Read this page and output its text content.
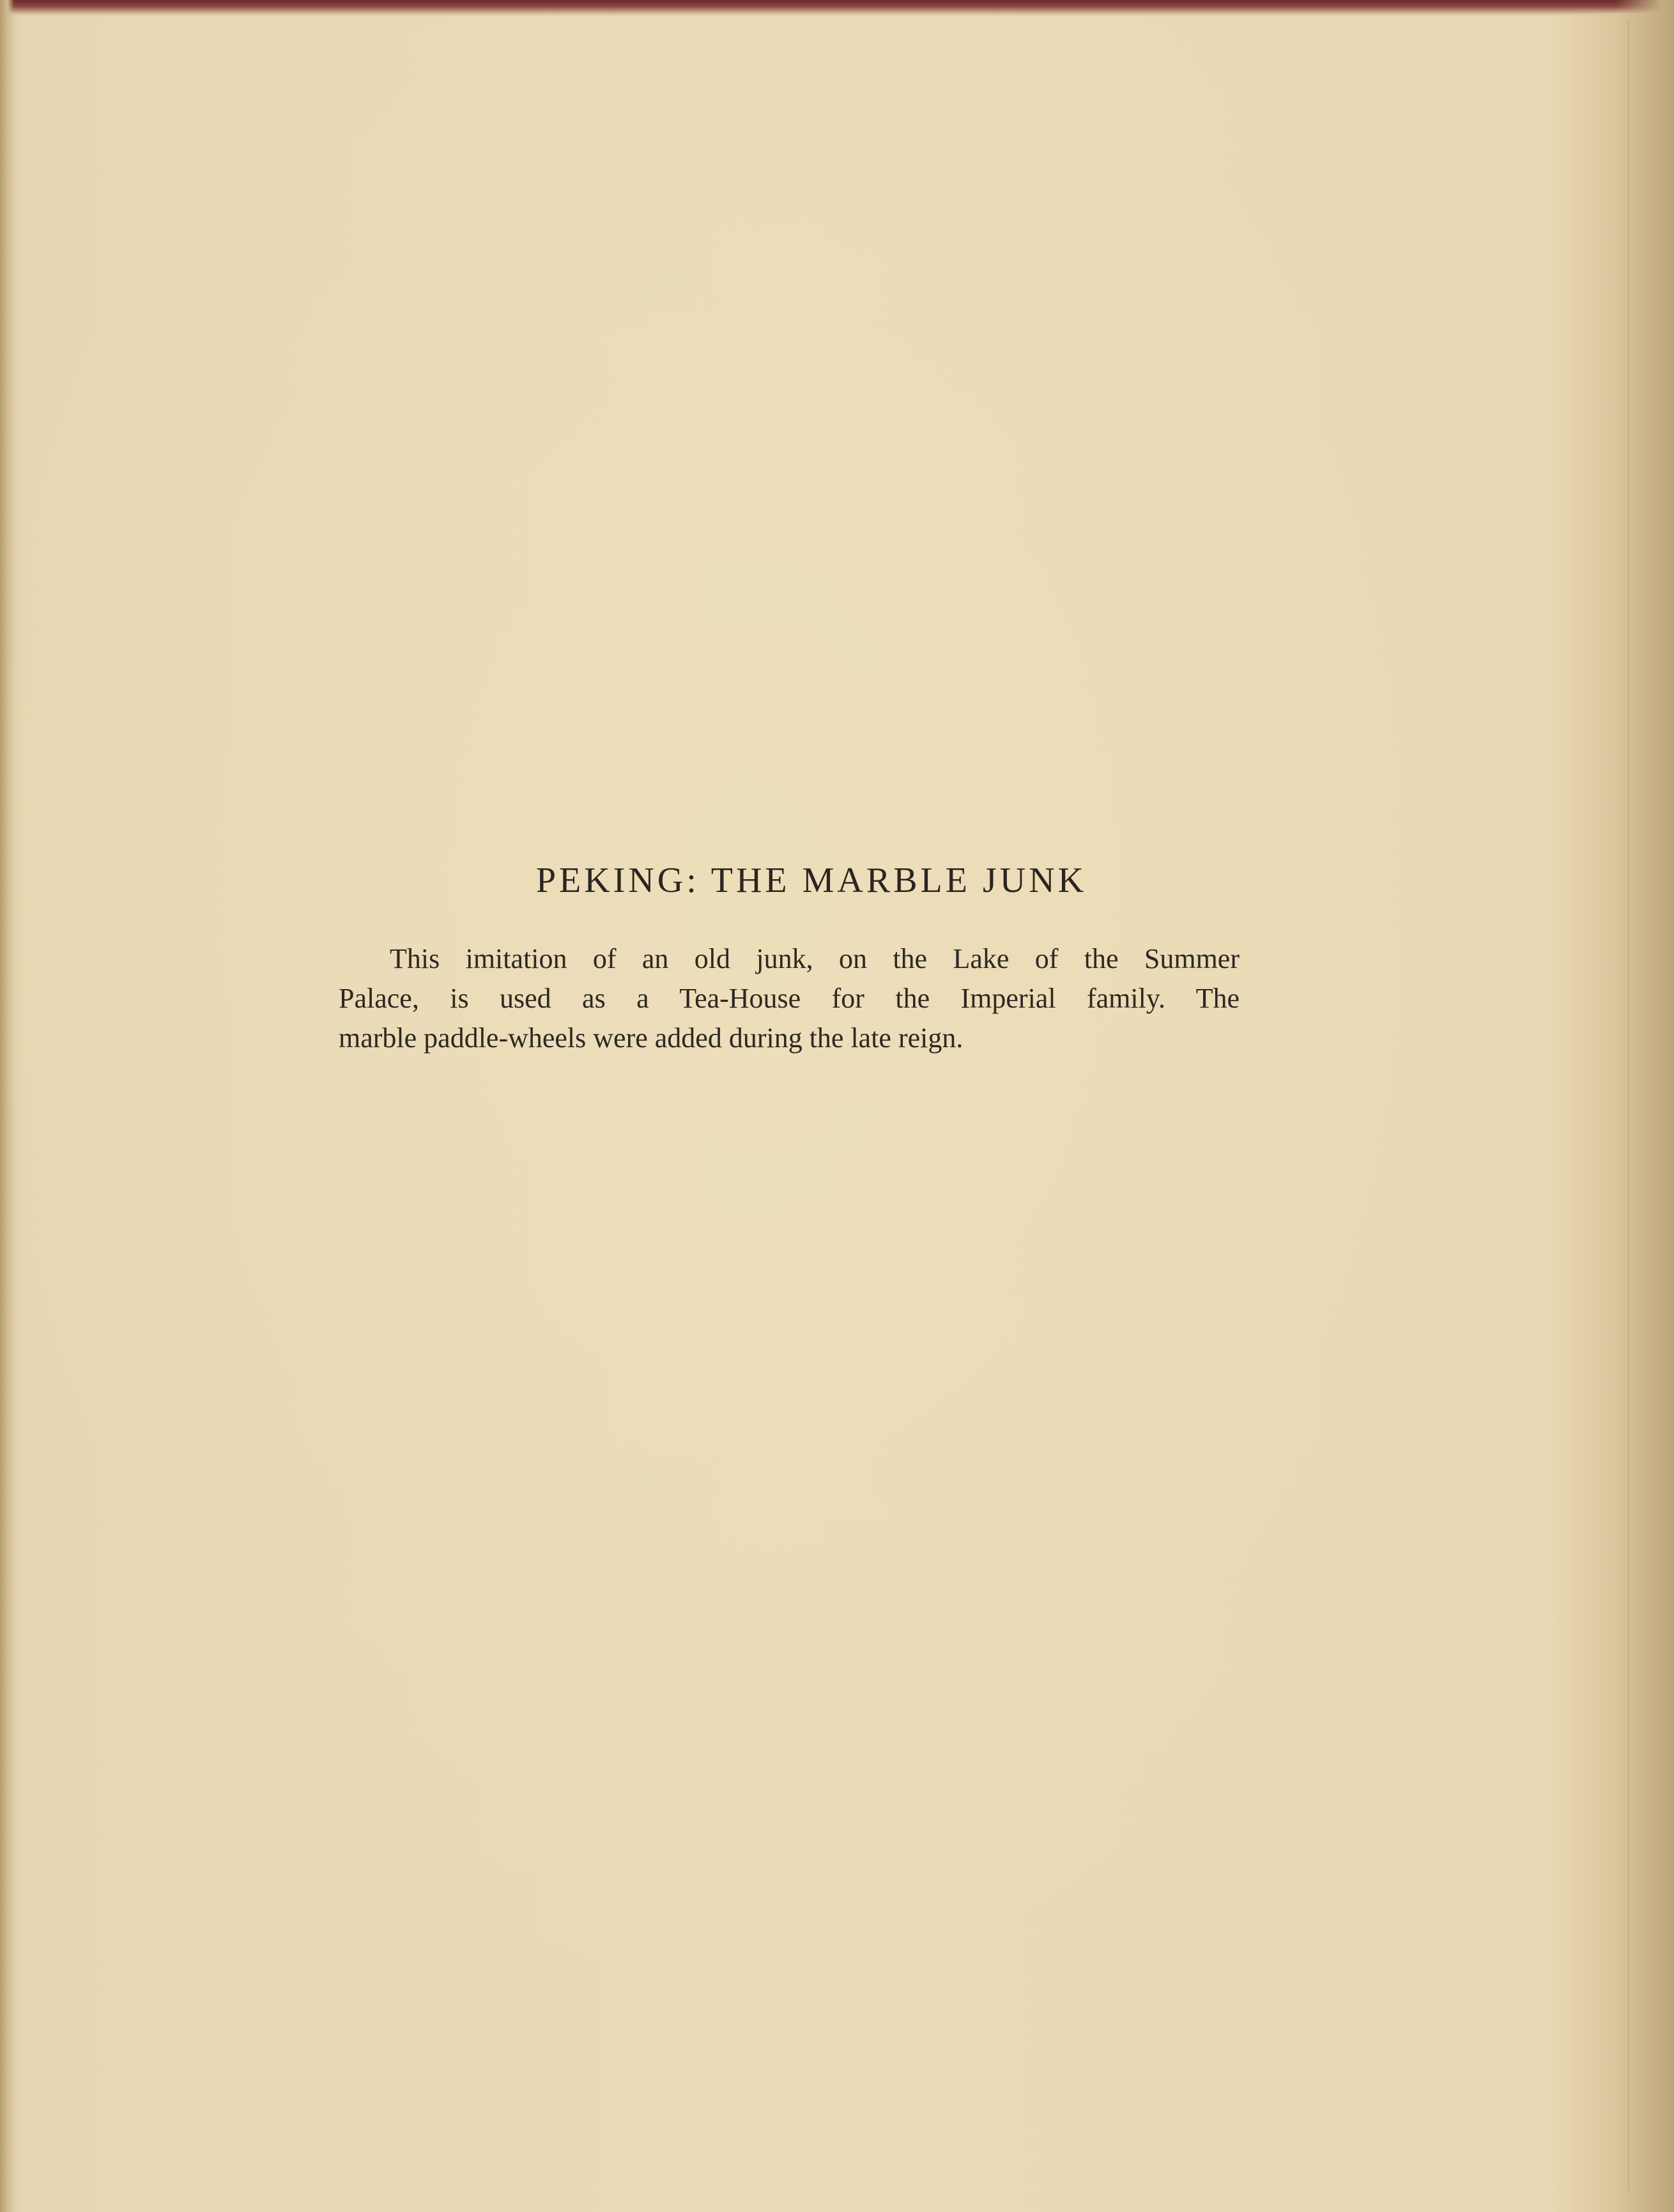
PEKING: THE MARBLE JUNK

This imitation of an old junk, on the Lake of the Summer
Palace, is used as a Tea-House for the Imperial family. The
marble paddle-wheels were added during the late reign.
